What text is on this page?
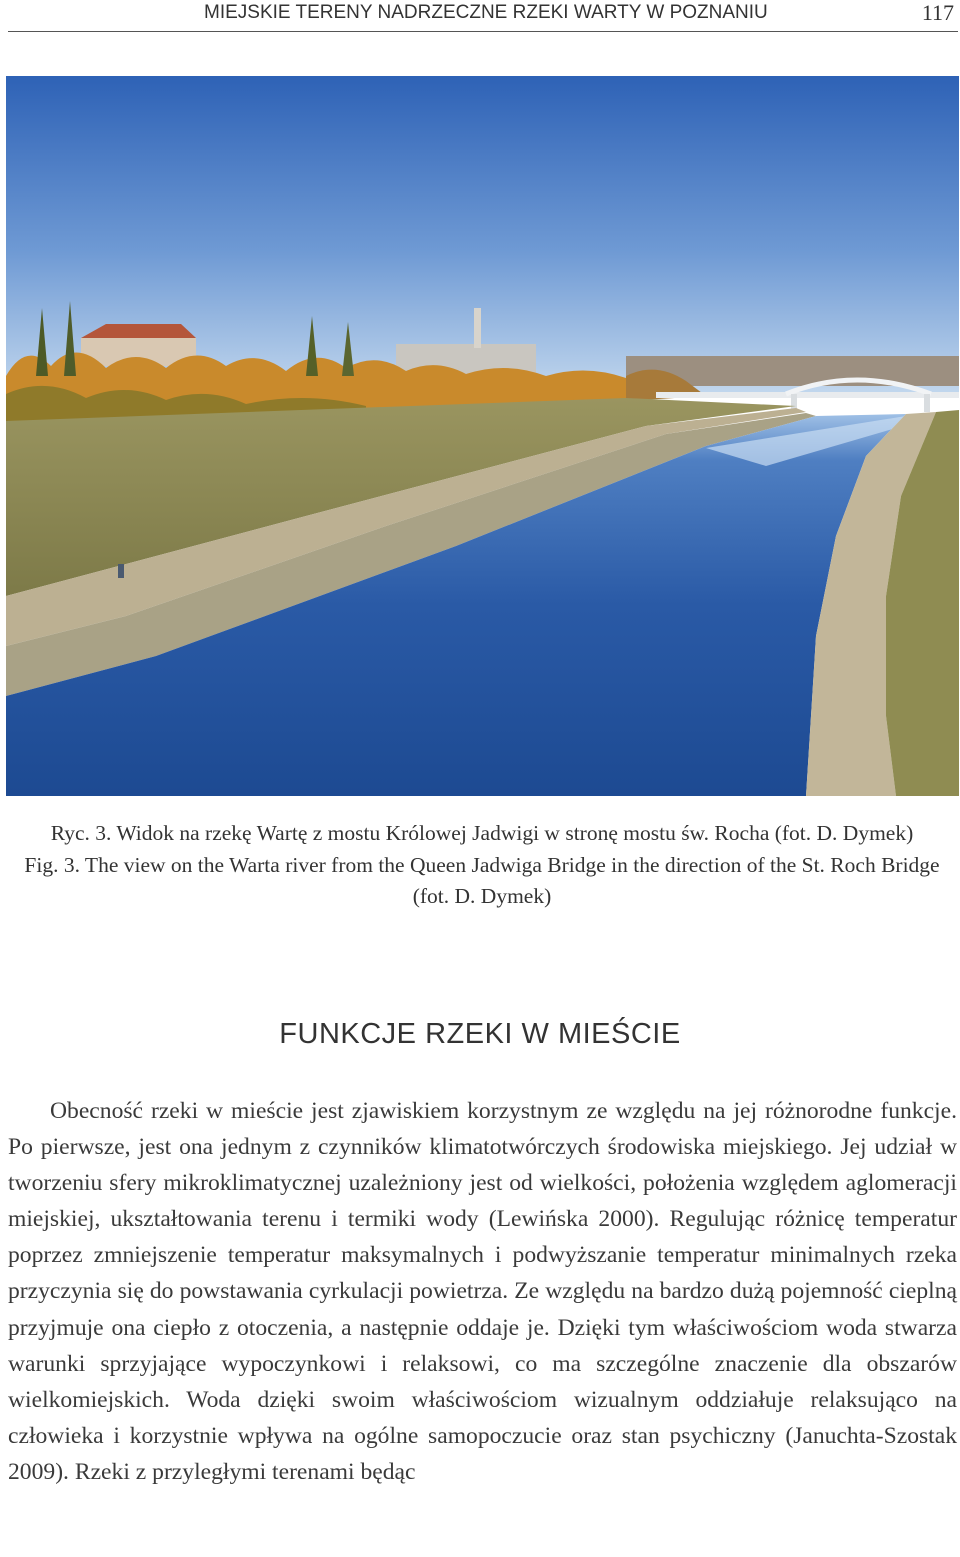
MIEJSKIE TERENY NADRZECZNE RZEKI WARTY W POZNANIU	117

Ryc. 3. Widok na rzekę Wartę z mostu Królowej Jadwigi w stronę mostu św. Rocha (fot. D. Dymek)

Fig. 3. The view on the Warta river from the Queen Jadwiga Bridge in the direction of the St. Roch Bridge (fot. D. Dymek)

FUNKCJE RZEKI W MIEŚCIE

Obecność rzeki w mieście jest zjawiskiem korzystnym ze względu na jej różnorodne funkcje. Po pierwsze, jest ona jednym z czynników klimatotwórczych środowiska miejskiego. Jej udział w tworzeniu sfery mikroklimatycznej uzależniony jest od wielkości, położenia względem aglomeracji miejskiej, ukształtowania terenu i termiki wody (Lewińska 2000). Regulując różnicę temperatur poprzez zmniejszenie temperatur maksymalnych i podwyższanie temperatur minimalnych rzeka przyczynia się do powstawania cyrkulacji powietrza. Ze względu na bardzo dużą pojemność cieplną przyjmuje ona ciepło z otoczenia, a następnie oddaje je. Dzięki tym właściwościom woda stwarza warunki sprzyjające wypoczynkowi i relaksowi, co ma szczególne znaczenie dla obszarów wielkomiejskich. Woda dzięki swoim właściwościom wizualnym oddziałuje relaksująco na człowieka i korzystnie wpływa na ogólne samopoczucie oraz stan psychiczny (Januchta-Szostak 2009). Rzeki z przyległymi terenami będąc
